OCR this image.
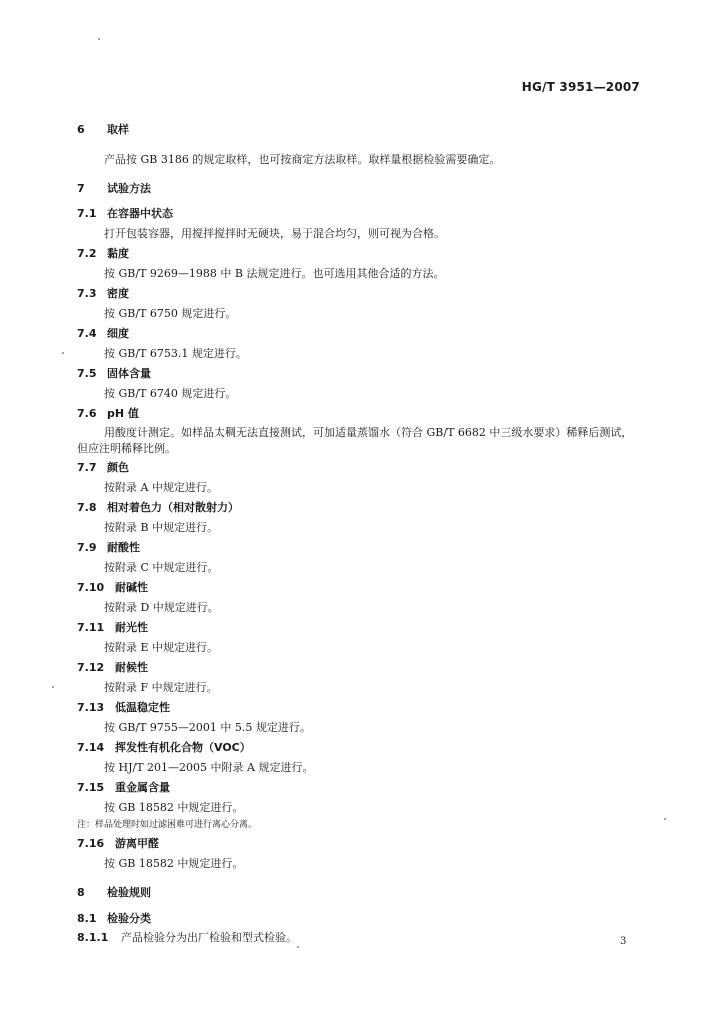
HG/T 3951—2007
6 取样

产品按 GB 3186 的规定取样，也可按商定方法取样。取样量根据检验需要确定。

7 试验方法
7.1 在容器中状态

打开包装容器，用搅拌搅拌时无硬块，易于混合均匀，则可视为合格。

7.2 黏度

按 GB/T 9269—1988 中 B 法规定进行。也可选用其他合适的方法。

7.3 密度

按 GB/T 6750 规定进行。

7.4 细度

按 GB/T 6753.1 规定进行。

7.5 固体含量

按 GB/T 6740 规定进行。

7.6 pH 值

用酸度计测定。如样品太稠无法直接测试，可加适量蒸馏水（符合 GB/T 6682 中三级水要求）稀释后测试，但应注明稀释比例。

7.7 颜色

按附录 A 中规定进行。

7.8 相对着色力（相对散射力）

按附录 B 中规定进行。

7.9 耐酸性

按附录 C 中规定进行。

7.10 耐碱性

按附录 D 中规定进行。

7.11 耐光性

按附录 E 中规定进行。

7.12 耐候性

按附录 F 中规定进行。

7.13 低温稳定性

按 GB/T 9755—2001 中 5.5 规定进行。

7.14 挥发性有机化合物（VOC）

按 HJ/T 201—2005 中附录 A 规定进行。

7.15 重金属含量

按 GB 18582 中规定进行。

注：样品处理时如过滤困难可进行离心分离。

7.16 游离甲醛

按 GB 18582 中规定进行。

8 检验规则
8.1 检验分类

8.1.1 产品检验分为出厂检验和型式检验。	3
